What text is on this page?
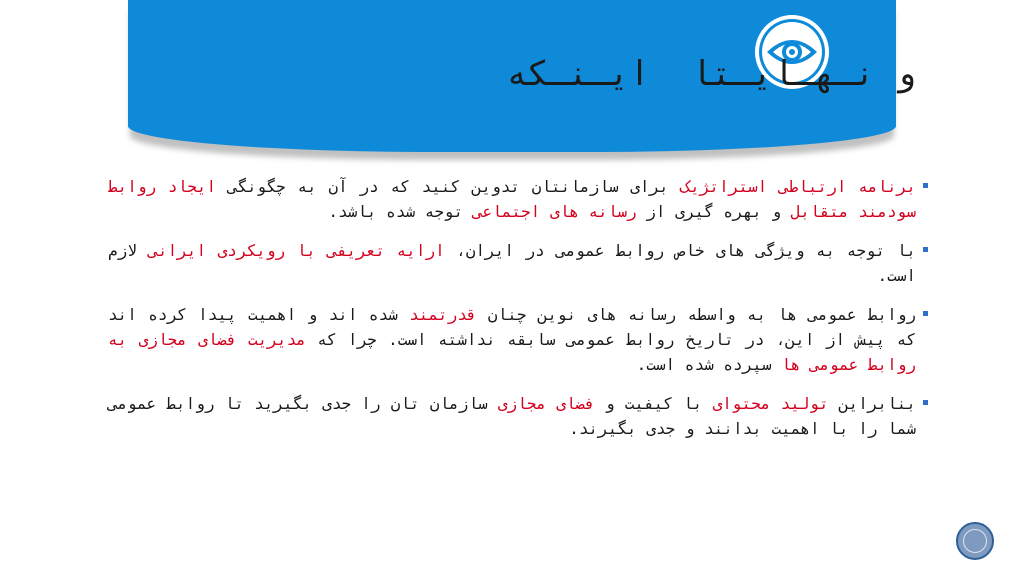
و نـهـایـتا  ایـنـکه

برنامه ارتباطی استراتژیک برای سازمانتان تدوین کنید که در آن به چگونگی ایجاد روابط سودمند متقابل و بهره گیری از رسانه های اجتماعی توجه شده باشد.

با توجه به ویژگی های خاص روابط عمومی در ایران، ارایه تعریفی با رویکردی ایرانی لازم است.

روابط عمومی ها به واسطه رسانه های نوین چنان قدرتمند شده اند و اهمیت پیدا کرده اند که پیش از این، در تاریخ روابط عمومی سابقه نداشته است. چرا که مدیریت فضای مجازی به روابط عمومی ها سپرده شده است.

بنابراین تولید محتوای با کیفیت و فضای مجازی سازمان تان را جدی بگیرید تا روابط عمومی شما را با اهمیت بدانند و جدی بگیرند.
